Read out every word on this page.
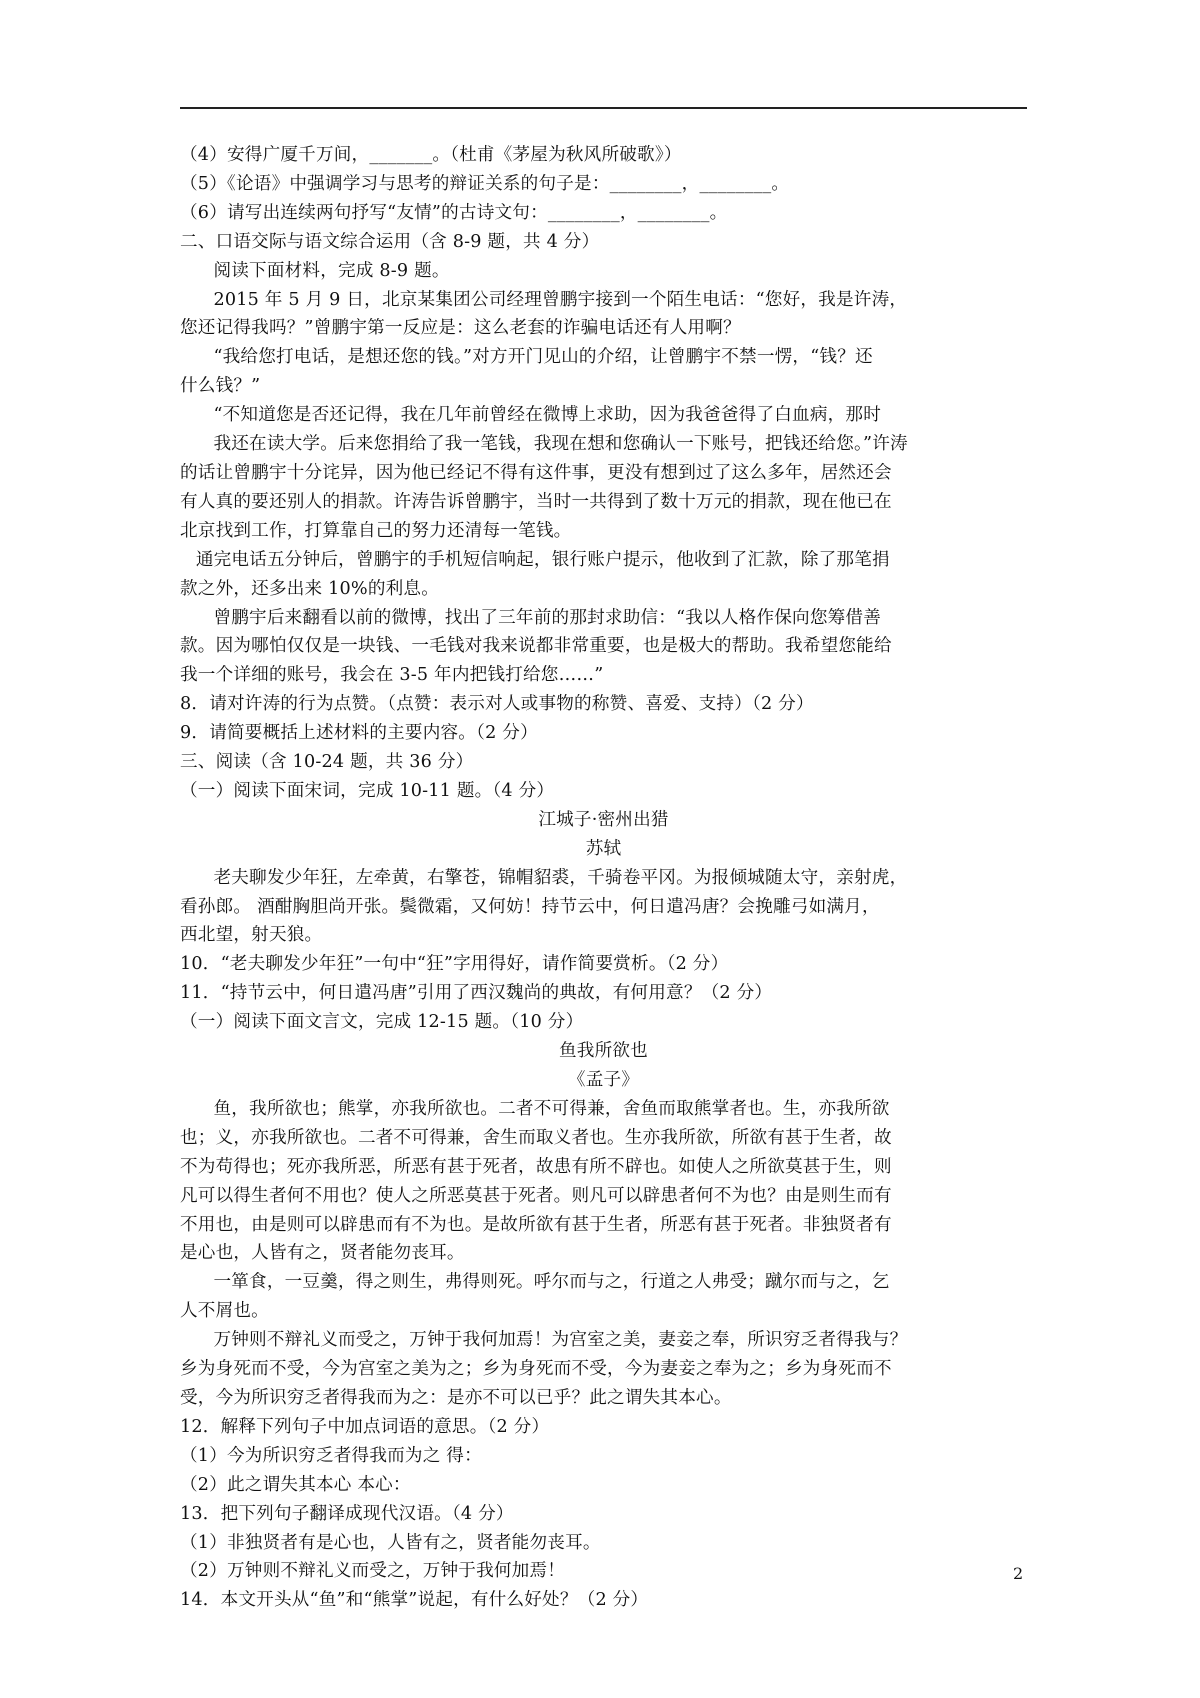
（4）安得广厦千万间，_______。（杜甫《茅屋为秋风所破歌》）

（5）《论语》中强调学习与思考的辩证关系的句子是：________，________。

（6）请写出连续两句抒写“友情”的古诗文句：________，________。

二、口语交际与语文综合运用（含 8-9 题，共 4 分）

阅读下面材料，完成 8-9 题。

2015 年 5 月 9 日，北京某集团公司经理曾鹏宇接到一个陌生电话：“您好，我是许涛，

您还记得我吗？”曾鹏宇第一反应是：这么老套的诈骗电话还有人用啊？

“我给您打电话，是想还您的钱。”对方开门见山的介绍，让曾鹏宇不禁一愣，“钱？还

什么钱？”

“不知道您是否还记得，我在几年前曾经在微博上求助，因为我爸爸得了白血病，那时

我还在读大学。后来您捐给了我一笔钱，我现在想和您确认一下账号，把钱还给您。”许涛

的话让曾鹏宇十分诧异，因为他已经记不得有这件事，更没有想到过了这么多年，居然还会

有人真的要还别人的捐款。许涛告诉曾鹏宇，当时一共得到了数十万元的捐款，现在他已在

北京找到工作，打算靠自己的努力还清每一笔钱。

通完电话五分钟后，曾鹏宇的手机短信响起，银行账户提示，他收到了汇款，除了那笔捐

款之外，还多出来 10%的利息。

曾鹏宇后来翻看以前的微博，找出了三年前的那封求助信：“我以人格作保向您筹借善

款。因为哪怕仅仅是一块钱、一毛钱对我来说都非常重要，也是极大的帮助。我希望您能给

我一个详细的账号，我会在 3-5 年内把钱打给您……”

8．请对许涛的行为点赞。（点赞：表示对人或事物的称赞、喜爱、支持）（2 分）

9．请简要概括上述材料的主要内容。（2 分）

三、阅读（含 10-24 题，共 36 分）

（一）阅读下面宋词，完成 10-11 题。（4 分）

江城子·密州出猎

苏轼

老夫聊发少年狂，左牵黄，右擎苍，锦帽貂裘，千骑卷平冈。为报倾城随太守，亲射虎，

看孙郎。 酒酣胸胆尚开张。鬓微霜，又何妨！持节云中，何日遣冯唐？会挽雕弓如满月，

西北望，射天狼。

10．“老夫聊发少年狂”一句中“狂”字用得好，请作简要赏析。（2 分）

11．“持节云中，何日遣冯唐”引用了西汉魏尚的典故，有何用意？（2 分）

（一）阅读下面文言文，完成 12-15 题。（10 分）

鱼我所欲也

《孟子》

鱼，我所欲也；熊掌，亦我所欲也。二者不可得兼，舍鱼而取熊掌者也。生，亦我所欲

也；义，亦我所欲也。二者不可得兼，舍生而取义者也。生亦我所欲，所欲有甚于生者，故

不为苟得也；死亦我所恶，所恶有甚于死者，故患有所不辟也。如使人之所欲莫甚于生，则

凡可以得生者何不用也？使人之所恶莫甚于死者。则凡可以辟患者何不为也？由是则生而有

不用也，由是则可以辟患而有不为也。是故所欲有甚于生者，所恶有甚于死者。非独贤者有

是心也，人皆有之，贤者能勿丧耳。

一箪食，一豆羹，得之则生，弗得则死。呼尔而与之，行道之人弗受；蹴尔而与之，乞

人不屑也。

万钟则不辩礼义而受之，万钟于我何加焉！为宫室之美，妻妾之奉，所识穷乏者得我与？

乡为身死而不受，今为宫室之美为之；乡为身死而不受，今为妻妾之奉为之；乡为身死而不

受，今为所识穷乏者得我而为之：是亦不可以已乎？此之谓失其本心。

12．解释下列句子中加点词语的意思。（2 分）

（1）今为所识穷乏者得我而为之 得：

（2）此之谓失其本心 本心：

13．把下列句子翻译成现代汉语。（4 分）

（1）非独贤者有是心也，人皆有之，贤者能勿丧耳。

（2）万钟则不辩礼义而受之，万钟于我何加焉！

14．本文开头从“鱼”和“熊掌”说起，有什么好处？（2 分）

2
